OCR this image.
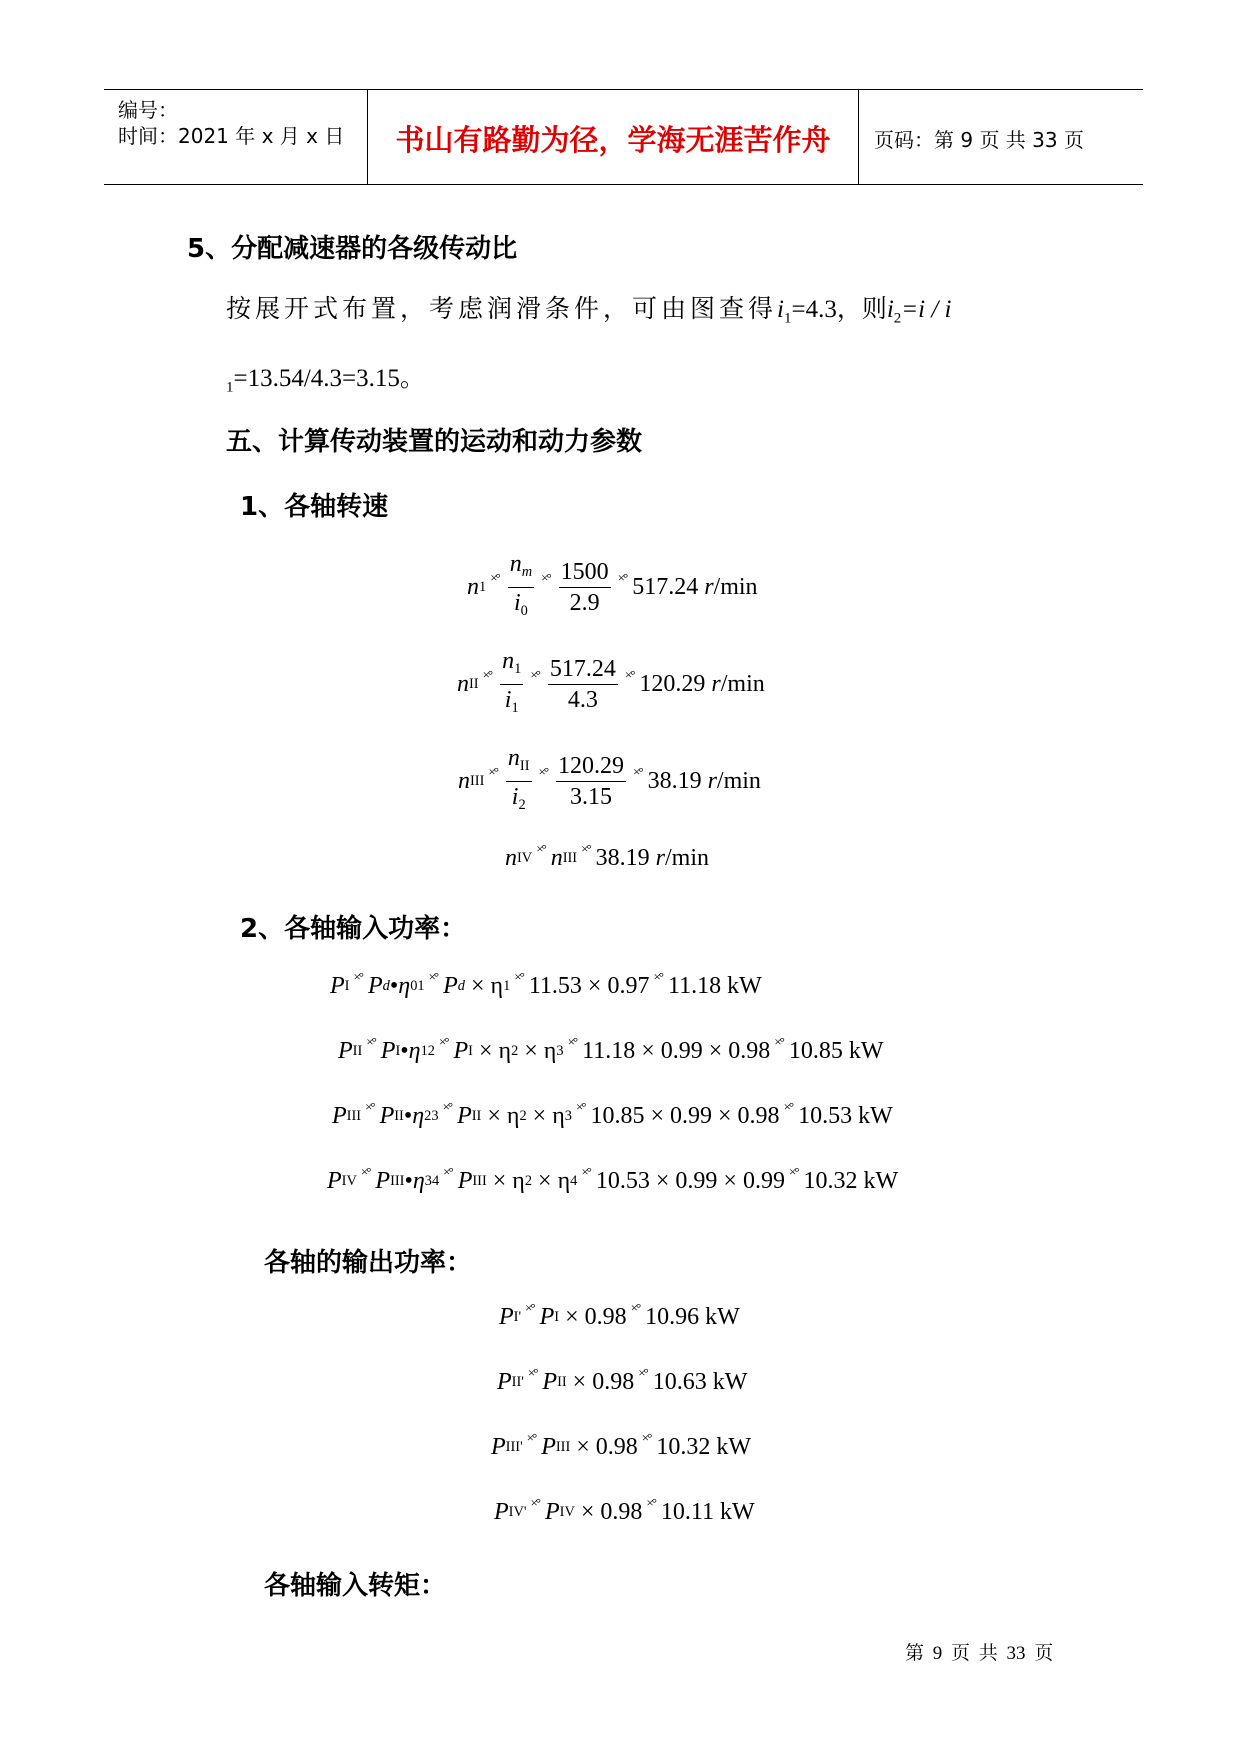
编号：
时间：2021 年 x 月 x 日	书山有路勤为径，学海无涯苦作舟	页码：第 9 页 共 33 页
5、分配减速器的各级传动比
按展开式布置，考虑润滑条件，可由图查得$i_1=4.3$，则$i_2=i / i$
$_1$=13.54/4.3=3.15。
五、计算传动装置的运动和动力参数
1、各轴转速
n 1
×° $\frac{n_m}{i_0}$ ×° $\frac{1500}{2.9}$ ×° 517.24 r /min
n II
×° $\frac{n_1}{i_1}$ ×° $\frac{517.24}{4.3}$ ×° 120.29 r /min
n III
×° $\frac{n_{II}}{i_2}$ ×° $\frac{120.29}{3.15}$ ×° 38.19 r /min
n IV
×° n III
×° 38.19 r /min
2、各轴输入功率：
P I
×° P d • η 01
×° P d
× η 1
×° 11.53 × 0.97 ×° 11.18 kW
P II
×° P I • η 12
×° P I
× η 2
× η 3
×° 11.18 × 0.99 × 0.98 ×° 10.85 kW
P III
×° P II • η 23
×° P II
× η 2
× η 3
×° 10.85 × 0.99 × 0.98 ×° 10.53 kW
P IV
×° P III • η 34
×° P III
× η 2
× η 4
×° 10.53 × 0.99 × 0.99 ×° 10.32 kW
各轴的输出功率：
P I '
×° P I
× 0.98 ×° 10.96 kW
P II '
×° P II
× 0.98 ×° 10.63 kW
P III '
×° P III
× 0.98 ×° 10.32 kW
P IV '
×° P IV
× 0.98 ×° 10.11 kW
各轴输入转矩：
第 9 页 共 33 页
